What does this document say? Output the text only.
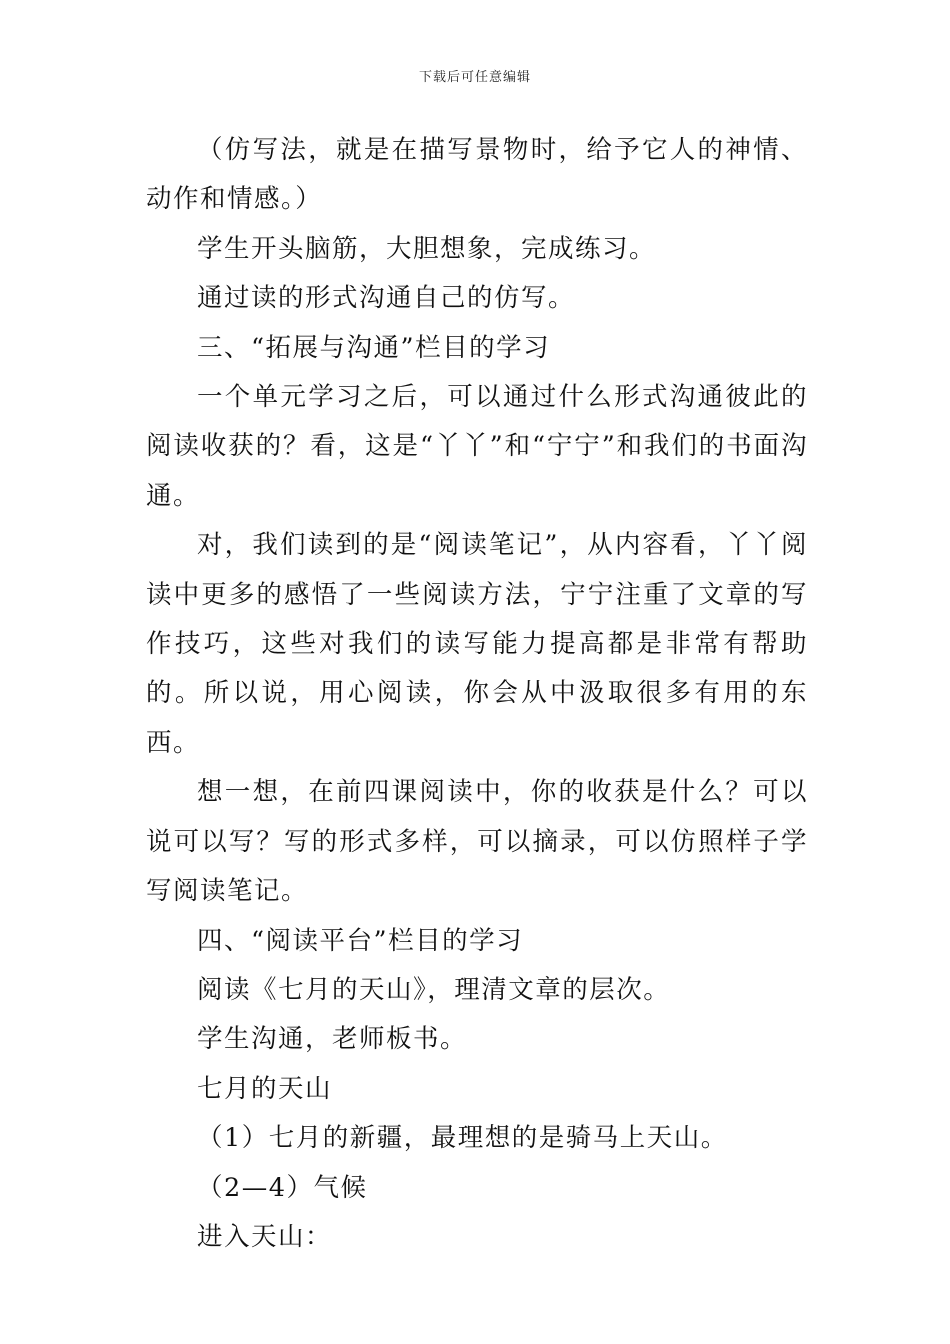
下载后可任意编辑

（仿写法，就是在描写景物时，给予它人的神情、动作和情感。）

学生开头脑筋，大胆想象，完成练习。

通过读的形式沟通自己的仿写。

三、“拓展与沟通”栏目的学习

一个单元学习之后，可以通过什么形式沟通彼此的阅读收获的？看，这是“丫丫”和“宁宁”和我们的书面沟通。

对，我们读到的是“阅读笔记”，从内容看，丫丫阅读中更多的感悟了一些阅读方法，宁宁注重了文章的写作技巧，这些对我们的读写能力提高都是非常有帮助的。所以说，用心阅读，你会从中汲取很多有用的东西。

想一想，在前四课阅读中，你的收获是什么？可以说可以写？写的形式多样，可以摘录，可以仿照样子学写阅读笔记。

四、“阅读平台”栏目的学习

阅读《七月的天山》，理清文章的层次。

学生沟通，老师板书。

七月的天山

（1）七月的新疆，最理想的是骑马上天山。

（2—4）气候

进入天山：
